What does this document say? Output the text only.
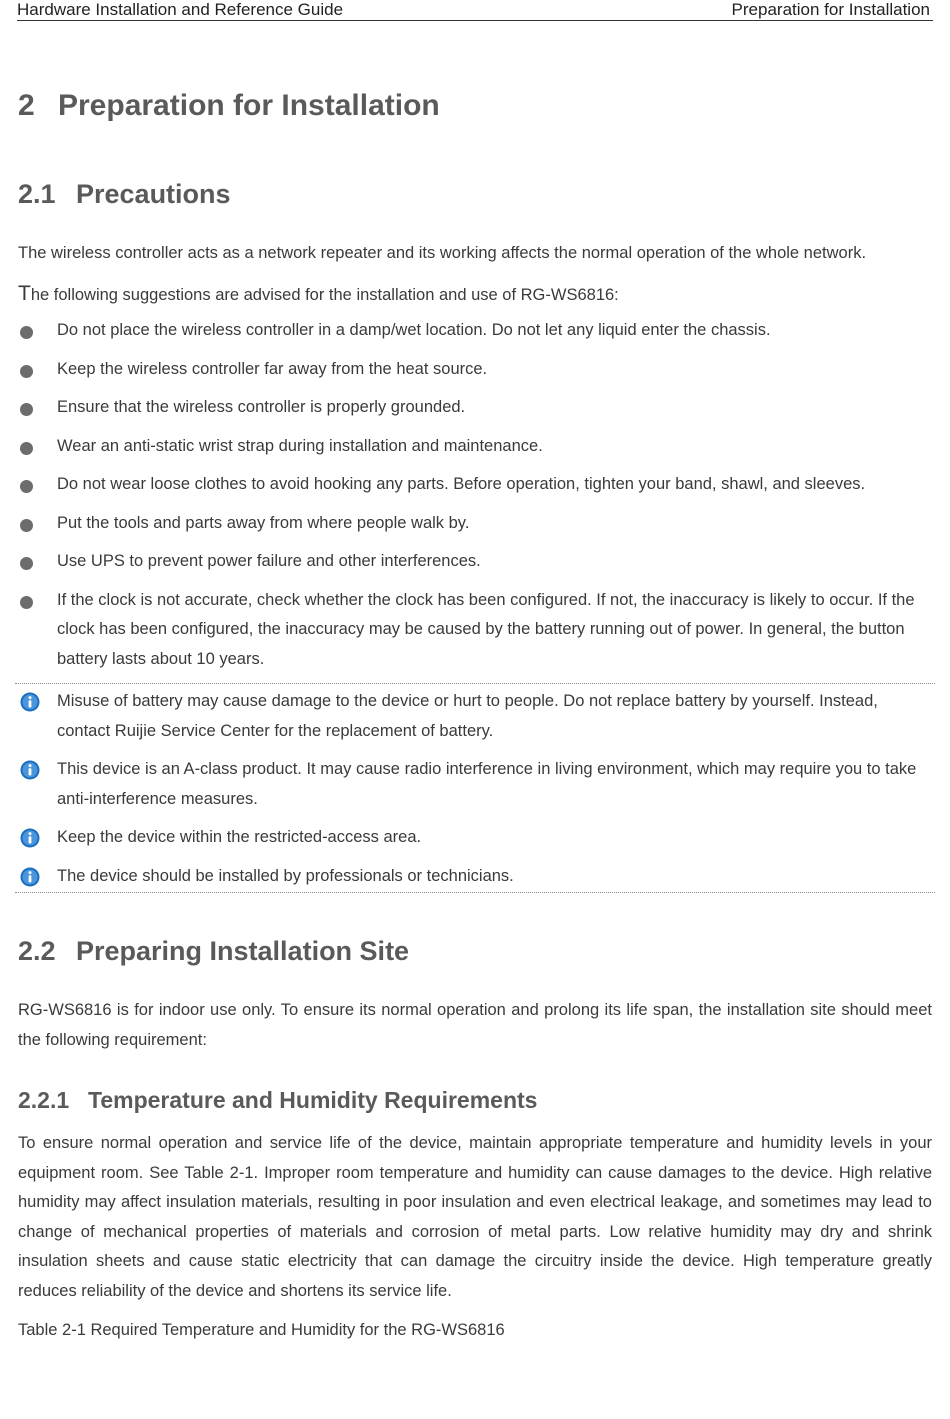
Hardware Installation and Reference Guide	Preparation for Installation
2 Preparation for Installation
2.1 Precautions

The wireless controller acts as a network repeater and its working affects the normal operation of the whole network.

The following suggestions are advised for the installation and use of RG-WS6816:

Do not place the wireless controller in a damp/wet location. Do not let any liquid enter the chassis.
Keep the wireless controller far away from the heat source.
Ensure that the wireless controller is properly grounded.
Wear an anti-static wrist strap during installation and maintenance.
Do not wear loose clothes to avoid hooking any parts. Before operation, tighten your band, shawl, and sleeves.
Put the tools and parts away from where people walk by.
Use UPS to prevent power failure and other interferences.
If the clock is not accurate, check whether the clock has been configured. If not, the inaccuracy is likely to occur. If the clock has been configured, the inaccuracy may be caused by the battery running out of power. In general, the button battery lasts about 10 years.
Misuse of battery may cause damage to the device or hurt to people. Do not replace battery by yourself. Instead, contact Ruijie Service Center for the replacement of battery.
This device is an A-class product. It may cause radio interference in living environment, which may require you to take anti-interference measures.
Keep the device within the restricted-access area.
The device should be installed by professionals or technicians.
2.2 Preparing Installation Site

RG-WS6816 is for indoor use only. To ensure its normal operation and prolong its life span, the installation site should meet the following requirement:

2.2.1 Temperature and Humidity Requirements

To ensure normal operation and service life of the device, maintain appropriate temperature and humidity levels in your equipment room. See Table 2-1. Improper room temperature and humidity can cause damages to the device. High relative humidity may affect insulation materials, resulting in poor insulation and even electrical leakage, and sometimes may lead to change of mechanical properties of materials and corrosion of metal parts. Low relative humidity may dry and shrink insulation sheets and cause static electricity that can damage the circuitry inside the device. High temperature greatly reduces reliability of the device and shortens its service life.

Table 2-1 Required Temperature and Humidity for the RG-WS6816
